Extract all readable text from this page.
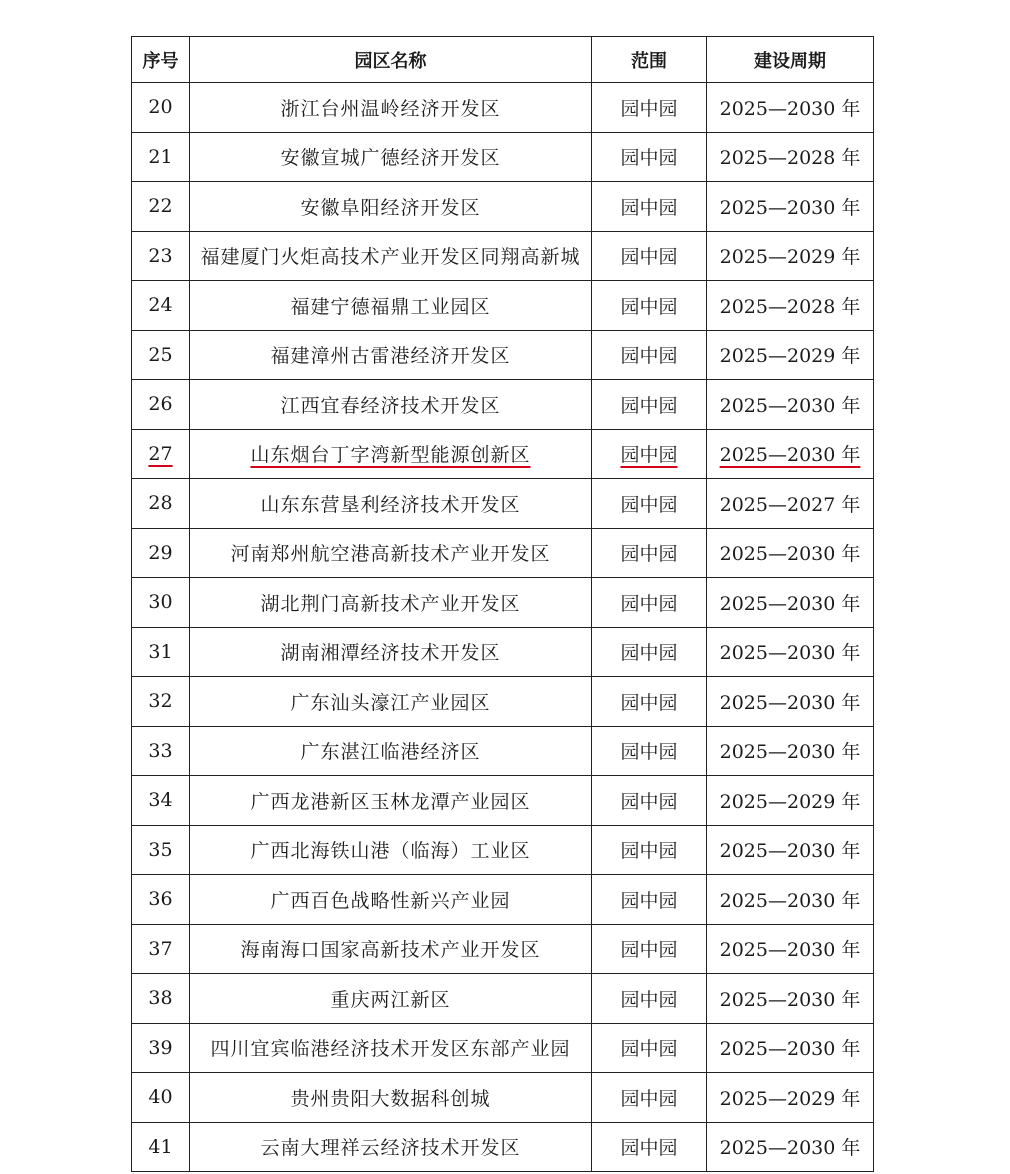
序号	园区名称	范围	建设周期
20	浙江台州温岭经济开发区	园中园	2025—2030 年
21	安徽宣城广德经济开发区	园中园	2025—2028 年
22	安徽阜阳经济开发区	园中园	2025—2030 年
23	福建厦门火炬高技术产业开发区同翔高新城	园中园	2025—2029 年
24	福建宁德福鼎工业园区	园中园	2025—2028 年
25	福建漳州古雷港经济开发区	园中园	2025—2029 年
26	江西宜春经济技术开发区	园中园	2025—2030 年
27	山东烟台丁字湾新型能源创新区	园中园	2025—2030 年
28	山东东营垦利经济技术开发区	园中园	2025—2027 年
29	河南郑州航空港高新技术产业开发区	园中园	2025—2030 年
30	湖北荆门高新技术产业开发区	园中园	2025—2030 年
31	湖南湘潭经济技术开发区	园中园	2025—2030 年
32	广东汕头濠江产业园区	园中园	2025—2030 年
33	广东湛江临港经济区	园中园	2025—2030 年
34	广西龙港新区玉林龙潭产业园区	园中园	2025—2029 年
35	广西北海铁山港（临海）工业区	园中园	2025—2030 年
36	广西百色战略性新兴产业园	园中园	2025—2030 年
37	海南海口国家高新技术产业开发区	园中园	2025—2030 年
38	重庆两江新区	园中园	2025—2030 年
39	四川宜宾临港经济技术开发区东部产业园	园中园	2025—2030 年
40	贵州贵阳大数据科创城	园中园	2025—2029 年
41	云南大理祥云经济技术开发区	园中园	2025—2030 年
